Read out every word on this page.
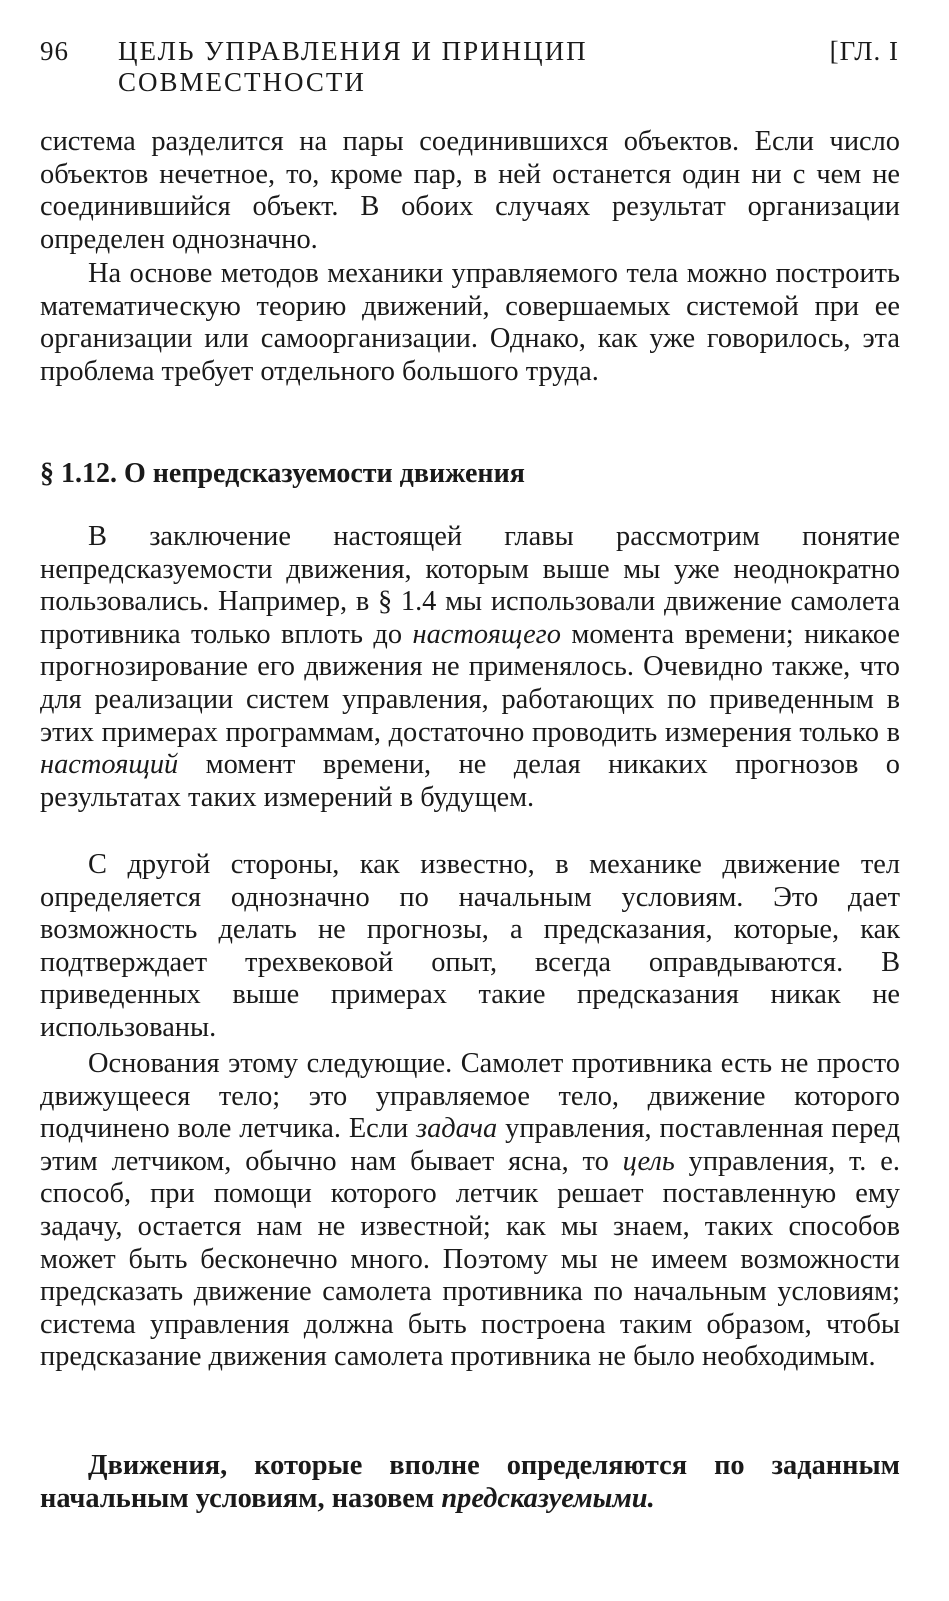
96	ЦЕЛЬ УПРАВЛЕНИЯ И ПРИНЦИП СОВМЕСТНОСТИ
[ГЛ. I

система разделится на пары соединившихся объектов. Если число объектов нечетное, то, кроме пар, в ней останется один ни с чем не соединившийся объект. В обоих случаях результат организации определен однозначно.

На основе методов механики управляемого тела можно построить математическую теорию движений, совершаемых системой при ее организации или самоорганизации. Однако, как уже говорилось, эта проблема требует отдельного большого труда.

§ 1.12. О непредсказуемости движения

В заключение настоящей главы рассмотрим понятие непредсказуемости движения, которым выше мы уже неоднократно пользовались. Например, в § 1.4 мы использовали движение самолета противника только вплоть до настоящего момента времени; никакое прогнозирование его движения не применялось. Очевидно также, что для реализации систем управления, работающих по приведенным в этих примерах программам, достаточно проводить измерения только в настоящий момент времени, не делая никаких прогнозов о результатах таких измерений в будущем.

С другой стороны, как известно, в механике движение тел определяется однозначно по начальным условиям. Это дает возможность делать не прогнозы, а предсказания, которые, как подтверждает трехвековой опыт, всегда оправдываются. В приведенных выше примерах такие предсказания никак не использованы.

Основания этому следующие. Самолет противника есть не просто движущееся тело; это управляемое тело, движение которого подчинено воле летчика. Если задача управления, поставленная перед этим летчиком, обычно нам бывает ясна, то цель управления, т. е. способ, при помощи которого летчик решает поставленную ему задачу, остается нам не известной; как мы знаем, таких способов может быть бесконечно много. Поэтому мы не имеем возможности предсказать движение самолета противника по начальным условиям; система управления должна быть построена таким образом, чтобы предсказание движения самолета противника не было необходимым.

Движения, которые вполне определяются по заданным начальным условиям, назовем предсказуемыми.
